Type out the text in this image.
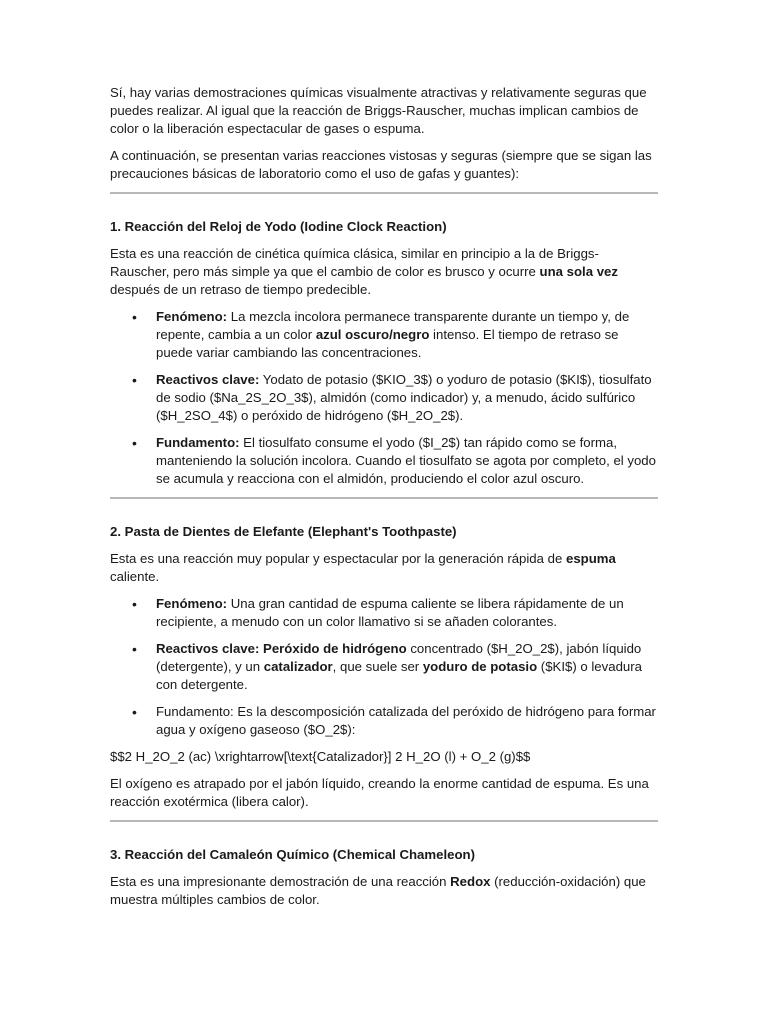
Sí, hay varias demostraciones químicas visualmente atractivas y relativamente seguras que puedes realizar. Al igual que la reacción de Briggs-Rauscher, muchas implican cambios de color o la liberación espectacular de gases o espuma.

A continuación, se presentan varias reacciones vistosas y seguras (siempre que se sigan las precauciones básicas de laboratorio como el uso de gafas y guantes):

1. Reacción del Reloj de Yodo (Iodine Clock Reaction)

Esta es una reacción de cinética química clásica, similar en principio a la de Briggs-Rauscher, pero más simple ya que el cambio de color es brusco y ocurre una sola vez después de un retraso de tiempo predecible.

• Fenómeno: La mezcla incolora permanece transparente durante un tiempo y, de repente, cambia a un color azul oscuro/negro intenso. El tiempo de retraso se puede variar cambiando las concentraciones.
• Reactivos clave: Yodato de potasio ($KIO_3$) o yoduro de potasio ($KI$), tiosulfato de sodio ($Na_2S_2O_3$), almidón (como indicador) y, a menudo, ácido sulfúrico ($H_2SO_4$) o peróxido de hidrógeno ($H_2O_2$).
• Fundamento: El tiosulfato consume el yodo ($I_2$) tan rápido como se forma, manteniendo la solución incolora. Cuando el tiosulfato se agota por completo, el yodo se acumula y reacciona con el almidón, produciendo el color azul oscuro.
2. Pasta de Dientes de Elefante (Elephant's Toothpaste)

Esta es una reacción muy popular y espectacular por la generación rápida de espuma caliente.

• Fenómeno: Una gran cantidad de espuma caliente se libera rápidamente de un recipiente, a menudo con un color llamativo si se añaden colorantes.
• Reactivos clave: Peróxido de hidrógeno concentrado ($H_2O_2$), jabón líquido (detergente), y un catalizador, que suele ser yoduro de potasio ($KI$) o levadura con detergente.
• Fundamento: Es la descomposición catalizada del peróxido de hidrógeno para formar agua y oxígeno gaseoso ($O_2$):

$$2 H_2O_2 (ac) \xrightarrow[\text{Catalizador}] 2 H_2O (l) + O_2 (g)$$

El oxígeno es atrapado por el jabón líquido, creando la enorme cantidad de espuma. Es una reacción exotérmica (libera calor).

3. Reacción del Camaleón Químico (Chemical Chameleon)

Esta es una impresionante demostración de una reacción Redox (reducción-oxidación) que muestra múltiples cambios de color.
